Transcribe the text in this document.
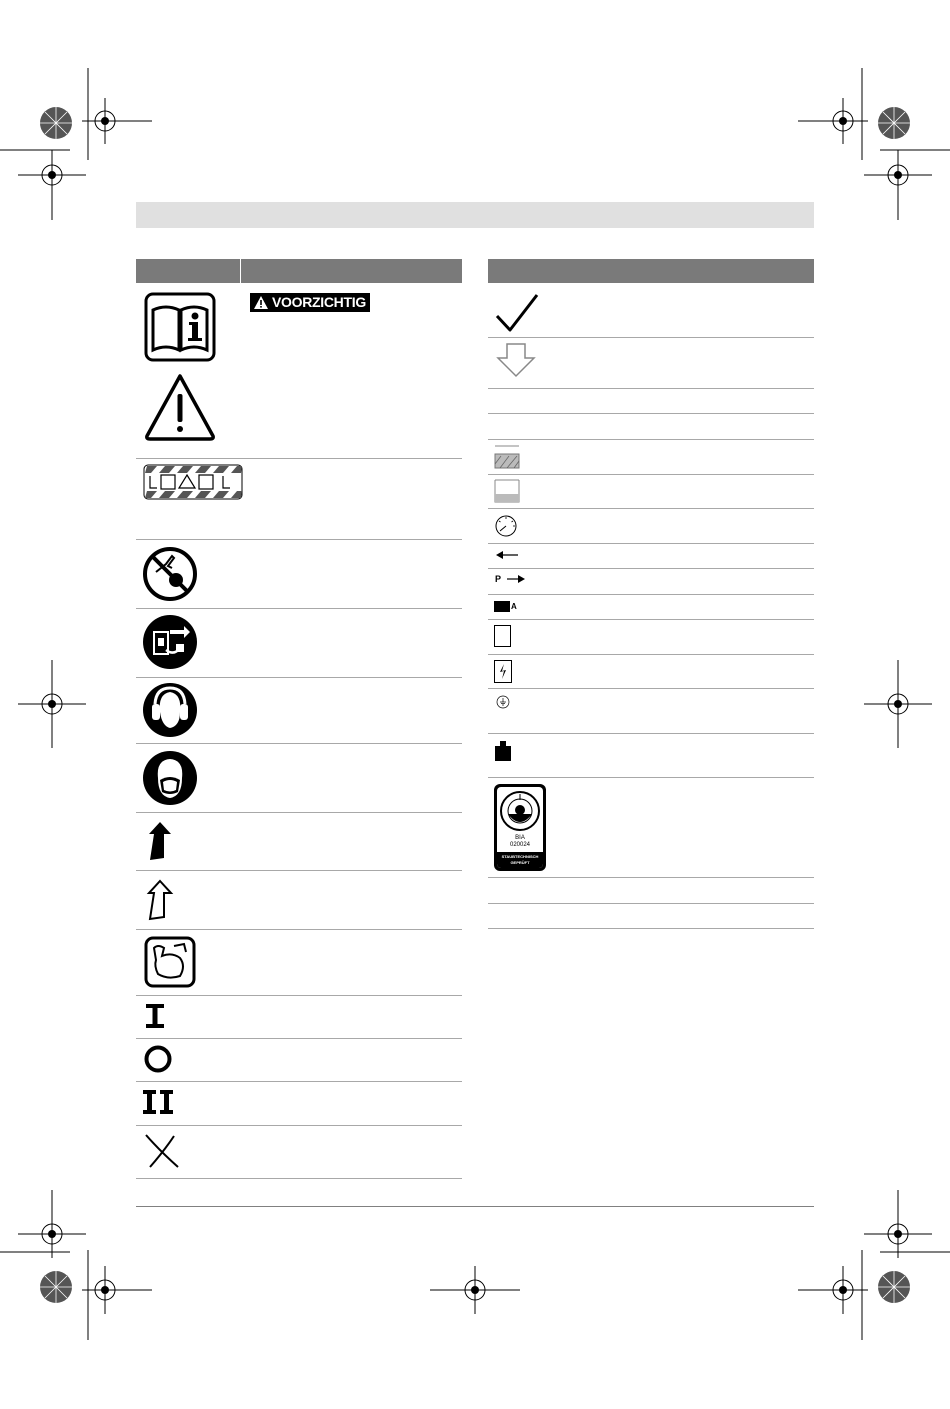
VOORZICHTIG
P
A
BIA
020024
STAUBTECHNISCH
GEPRÜFT
